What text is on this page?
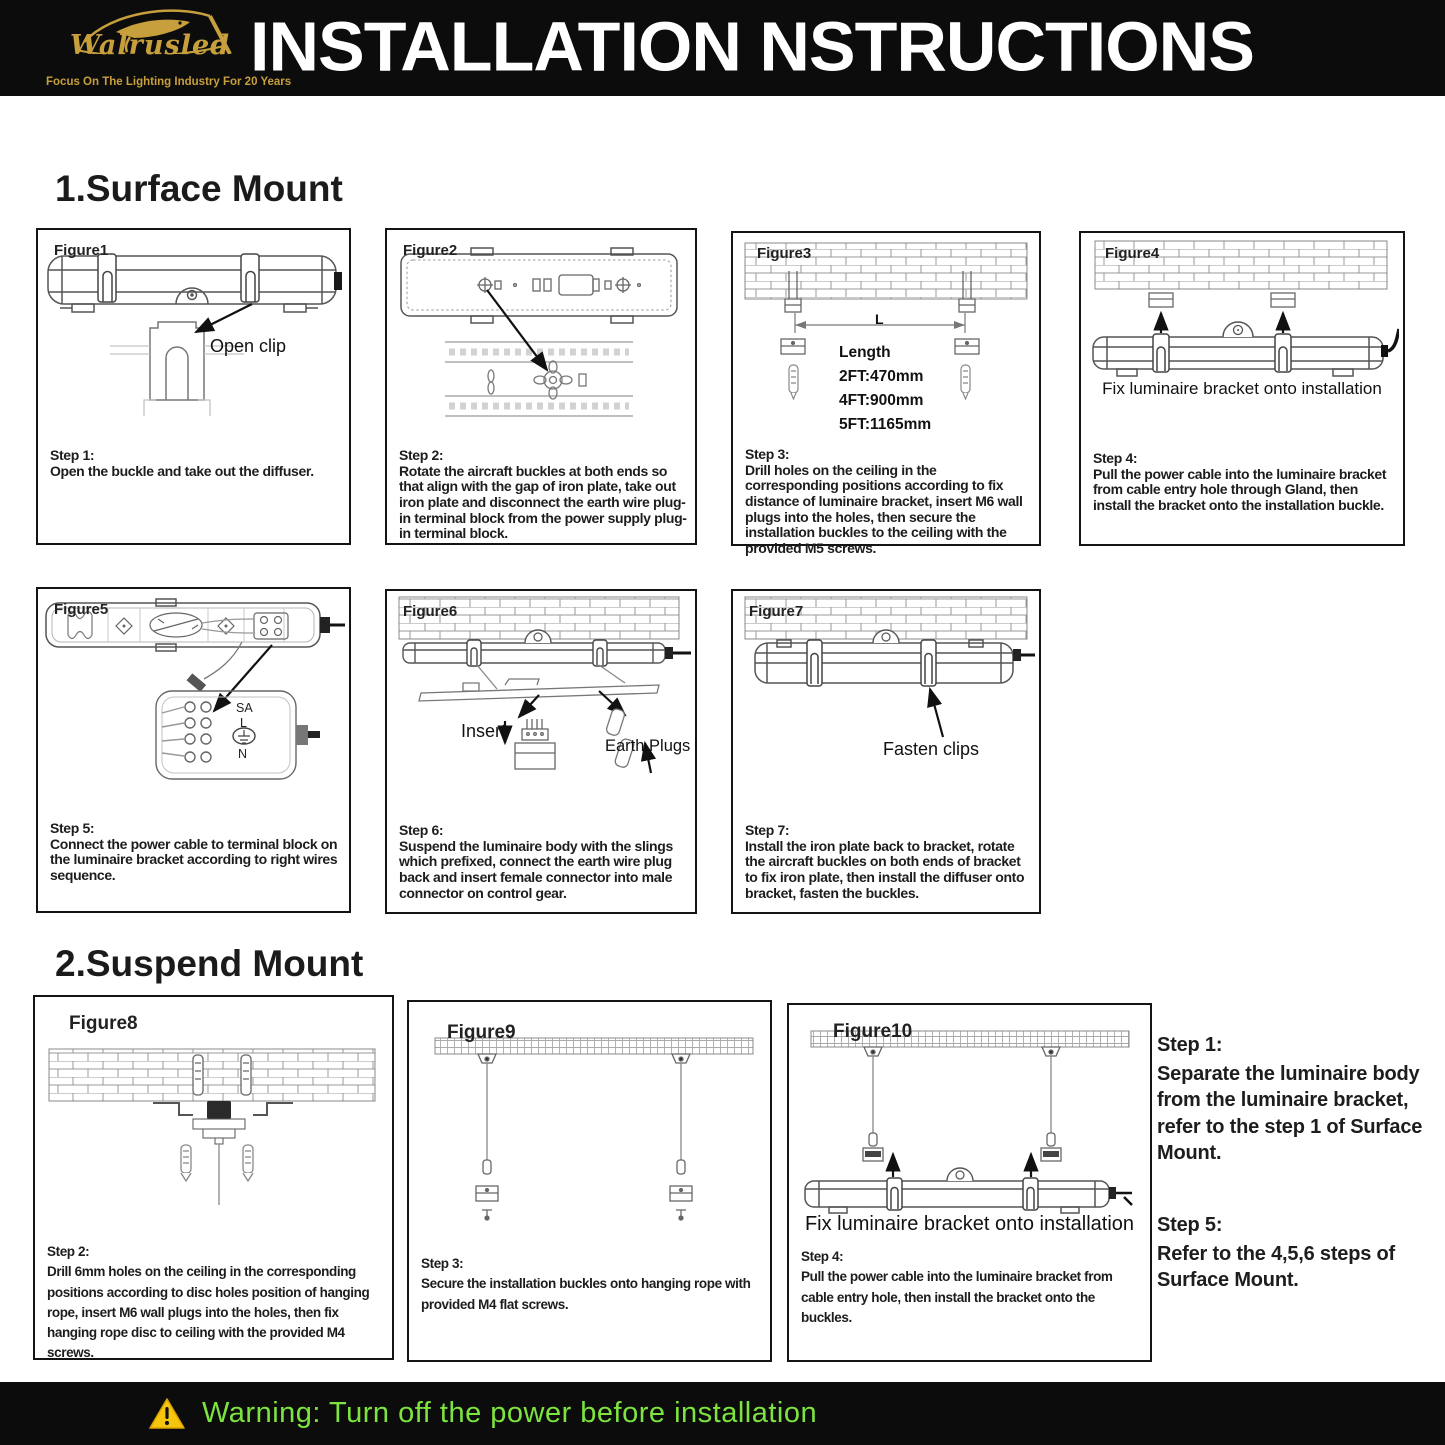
Walrusled
Focus On The Lighting Industry For 20 Years
INSTALLATION NSTRUCTIONS
1.Surface Mount
Open clip
Figure1
Step 1:
Open the buckle and take out the diffuser.
Figure2
Step 2:
Rotate the aircraft buckles at both ends so that align with the gap of iron plate, take out iron plate and disconnect the earth wire plug-in terminal block from the power supply plug-in terminal block.
L
Length
2FT:470mm
4FT:900mm
5FT:1165mm
Figure3
Step 3:
Drill holes on the ceiling in the corresponding positions according to fix distance of luminaire bracket, insert M6 wall plugs into the holes, then secure the installation buckles to the ceiling with the provided M5 screws.
Fix luminaire bracket onto installation
Figure4
Step 4:
Pull the power cable into the luminaire bracket from cable entry hole through Gland, then install the bracket onto the installation buckle.
SA
L
N
Figure5
Step 5:
Connect the power cable to terminal block on the luminaire bracket according to right wires sequence.
Insert
Earth Plugs
Figure6
Step 6:
Suspend the luminaire body with the slings which prefixed, connect the earth wire plug back and insert female connector into male connector on control gear.
Fasten clips
Figure7
Step 7:
Install the iron plate back to bracket, rotate the aircraft buckles on both ends of bracket to fix iron plate, then install the diffuser onto bracket, fasten the buckles.
2.Suspend Mount
Figure8
Step 2:
Drill 6mm holes on the ceiling in the corresponding positions according to disc holes position of hanging rope, insert M6 wall plugs into the holes, then fix hanging rope disc to ceiling with the provided M4 screws.
Figure9
Step 3:
Secure the installation buckles onto hanging rope with provided M4 flat screws.
Fix luminaire bracket onto installation
Figure10
Step 4:
Pull the power cable into the luminaire bracket from cable entry hole, then install the bracket onto the buckles.
Step 1:
Separate the luminaire body from the luminaire bracket, refer to the step 1 of Surface Mount.
Step 5:
Refer to the 4,5,6 steps of Surface Mount.
Warning: Turn off the power before installation
